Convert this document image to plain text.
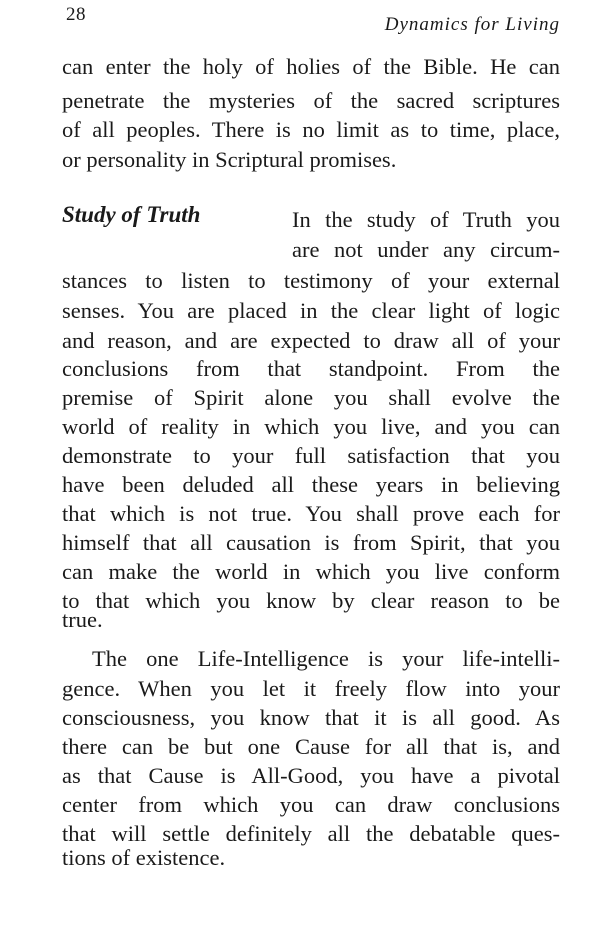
28	Dynamics for Living
can enter the holy of holies of the Bible. He can
penetrate the mysteries of the sacred scriptures
of all peoples. There is no limit as to time, place,
or personality in Scriptural promises.
Study of Truth	In the study of Truth you
are not under any circum-
stances to listen to testimony of your external
senses. You are placed in the clear light of logic
and reason, and are expected to draw all of your
conclusions from that standpoint. From the
premise of Spirit alone you shall evolve the
world of reality in which you live, and you can
demonstrate to your full satisfaction that you
have been deluded all these years in believing
that which is not true. You shall prove each for
himself that all causation is from Spirit, that you
can make the world in which you live conform
to that which you know by clear reason to be
true.
The one Life-Intelligence is your life-intelli-
gence. When you let it freely flow into your
consciousness, you know that it is all good. As
there can be but one Cause for all that is, and
as that Cause is All-Good, you have a pivotal
center from which you can draw conclusions
that will settle definitely all the debatable ques-
tions of existence.
